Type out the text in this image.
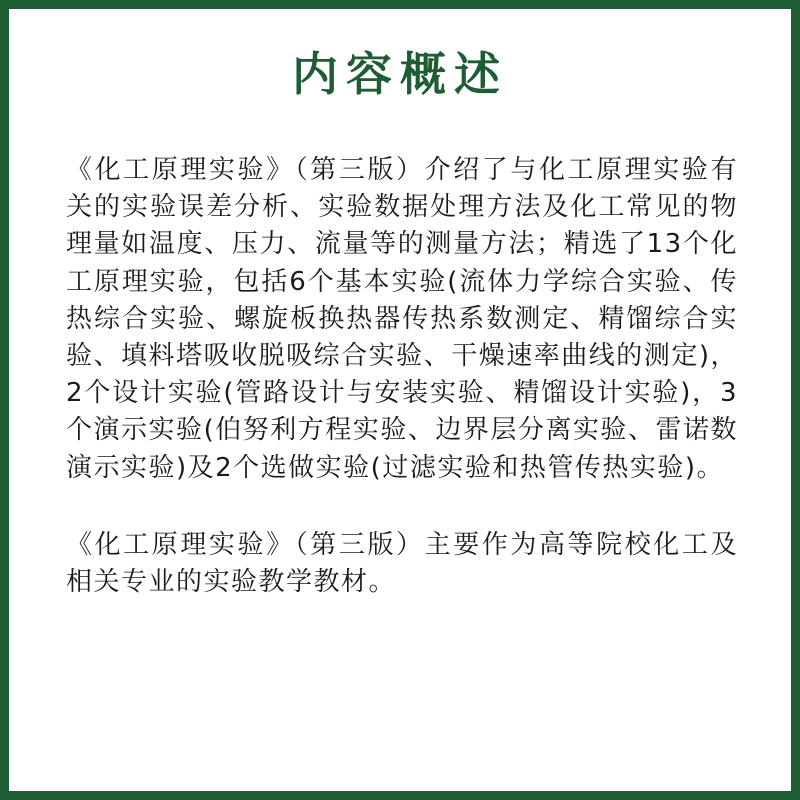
内容概述

《化工原理实验》（第三版）介绍了与化工原理实验有关的实验误差分析、实验数据处理方法及化工常见的物理量如温度、压力、流量等的测量方法；精选了13个化工原理实验，包括6个基本实验(流体力学综合实验、传热综合实验、螺旋板换热器传热系数测定、精馏综合实验、填料塔吸收脱吸综合实验、干燥速率曲线的测定)，2个设计实验(管路设计与安装实验、精馏设计实验)，3个演示实验(伯努利方程实验、边界层分离实验、雷诺数演示实验)及2个选做实验(过滤实验和热管传热实验)。

《化工原理实验》（第三版）主要作为高等院校化工及相关专业的实验教学教材。
